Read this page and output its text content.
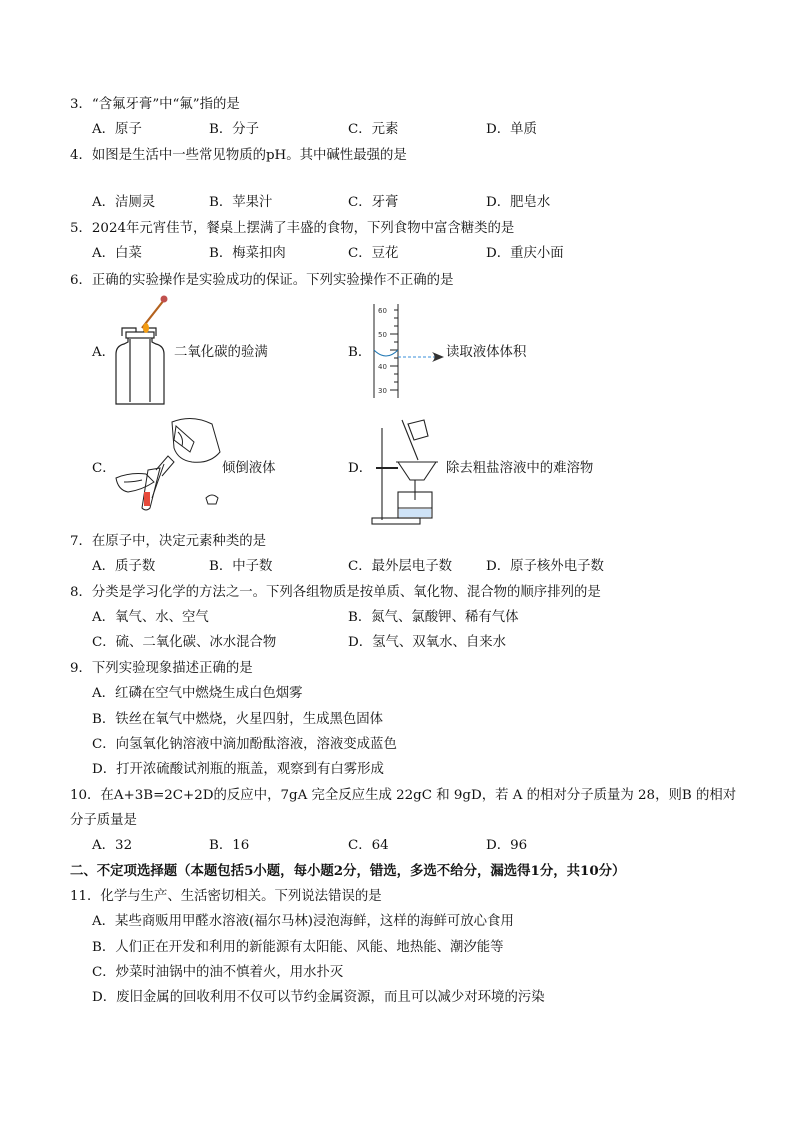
3．“含氟牙膏”中“氟”指的是
A．原子	B．分子	C．元素	D．单质
4．如图是生活中一些常见物质的pH。其中碱性最强的是
A．洁厕灵	B．苹果汁	C．牙膏	D．肥皂水
5．2024年元宵佳节，餐桌上摆满了丰盛的食物，下列食物中富含糖类的是
A．白菜	B．梅菜扣肉	C．豆花	D．重庆小面
6．正确的实验操作是实验成功的保证。下列实验操作不正确的是
A．	二氧化碳的验满	B．
60
50
40
30
读取液体体积
C．	倾倒液体	D．	除去粗盐溶液中的难溶物
7．在原子中，决定元素种类的是
A．质子数	B．中子数	C．最外层电子数	D．原子核外电子数
8．分类是学习化学的方法之一。下列各组物质是按单质、氧化物、混合物的顺序排列的是
A．氧气、水、空气	B．氮气、氯酸钾、稀有气体
C．硫、二氧化碳、冰水混合物	D．氢气、双氧水、自来水
9．下列实验现象描述正确的是
A．红磷在空气中燃烧生成白色烟雾
B．铁丝在氧气中燃烧，火星四射，生成黑色固体
C．向氢氧化钠溶液中滴加酚酞溶液，溶液变成蓝色
D．打开浓硫酸试剂瓶的瓶盖，观察到有白雾形成
10．在A+3B=2C+2D的反应中，7gA 完全反应生成 22gC 和 9gD，若 A 的相对分子质量为 28，则B 的相对
分子质量是
A．32	B．16	C．64	D．96
二、不定项选择题（本题包括5小题，每小题2分，错选，多选不给分，漏选得1分，共10分）
11．化学与生产、生活密切相关。下列说法错误的是
A．某些商贩用甲醛水溶液(福尔马林)浸泡海鲜，这样的海鲜可放心食用
B．人们正在开发和利用的新能源有太阳能、风能、地热能、潮汐能等
C．炒菜时油锅中的油不慎着火，用水扑灭
D．废旧金属的回收利用不仅可以节约金属资源，而且可以减少对环境的污染
